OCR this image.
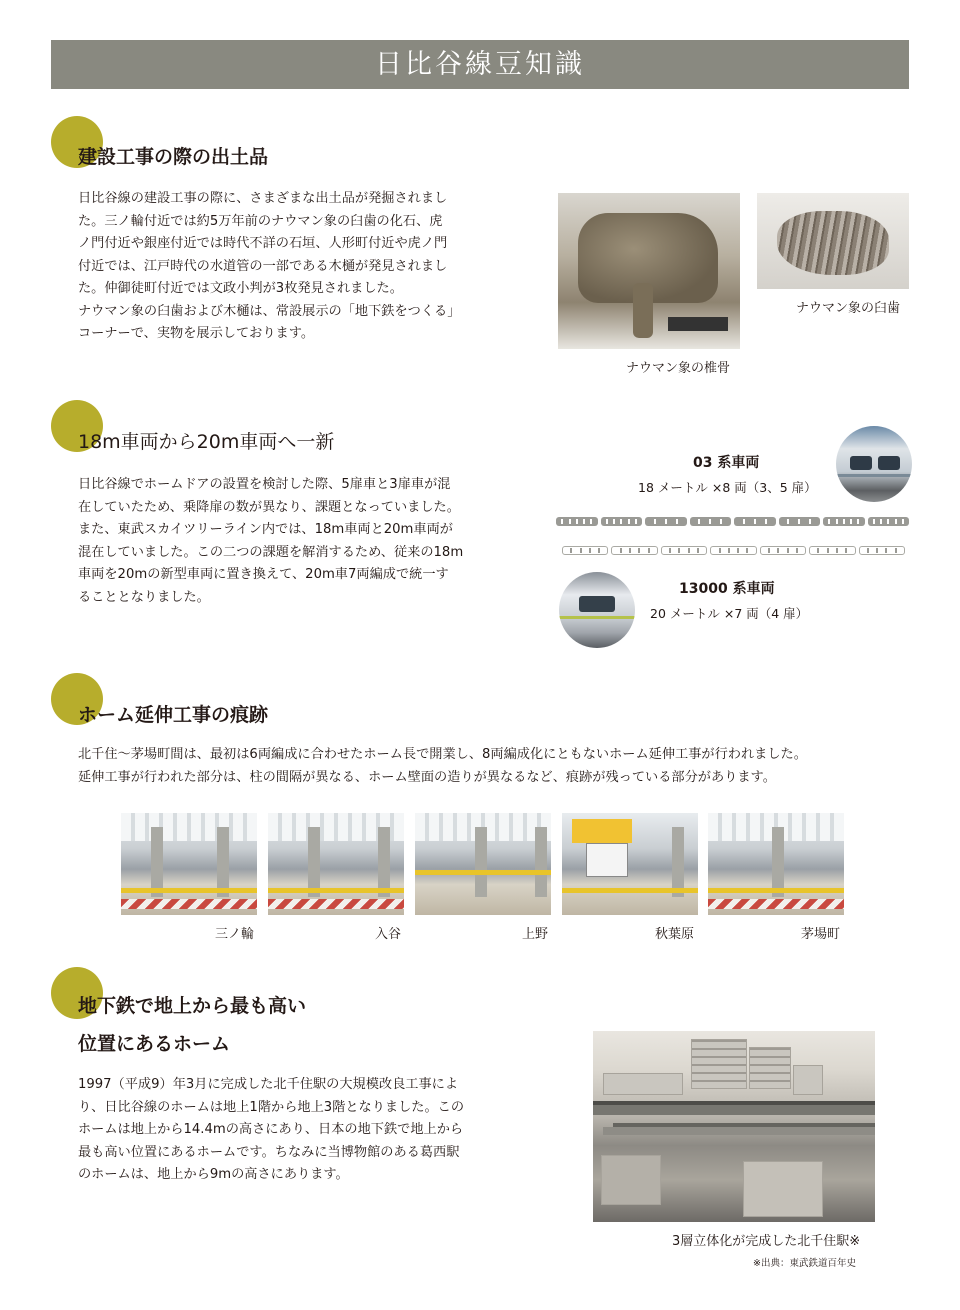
日比谷線豆知識
建設工事の際の出土品
日比谷線の建設工事の際に、さまざまな出土品が発掘されまし
た。三ノ輪付近では約5万年前のナウマン象の臼歯の化石、虎
ノ門付近や銀座付近では時代不詳の石垣、人形町付近や虎ノ門
付近では、江戸時代の水道管の一部である木樋が発見されまし
た。仲御徒町付近では文政小判が3枚発見されました。
ナウマン象の臼歯および木樋は、常設展示の「地下鉄をつくる」
コーナーで、実物を展示しております。
ナウマン象の椎骨
ナウマン象の臼歯
18m車両から20m車両へ一新
日比谷線でホームドアの設置を検討した際、5扉車と3扉車が混
在していたため、乗降扉の数が異なり、課題となっていました。
また、東武スカイツリーライン内では、18m車両と20m車両が
混在していました。この二つの課題を解消するため、従来の18m
車両を20mの新型車両に置き換えて、20m車7両編成で統一す
ることとなりました。
03 系車両
18 メートル ×8 両（3、5 扉）
13000 系車両
20 メートル ×7 両（4 扉）
ホーム延伸工事の痕跡
北千住～茅場町間は、最初は6両編成に合わせたホーム長で開業し、8両編成化にともないホーム延伸工事が行われました。
延伸工事が行われた部分は、柱の間隔が異なる、ホーム壁面の造りが異なるなど、痕跡が残っている部分があります。
三ノ輪	入谷	上野	秋葉原	茅場町
地下鉄で地上から最も高い
位置にあるホーム
1997（平成9）年3月に完成した北千住駅の大規模改良工事によ
り、日比谷線のホームは地上1階から地上3階となりました。この
ホームは地上から14.4mの高さにあり、日本の地下鉄で地上から
最も高い位置にあるホームです。ちなみに当博物館のある葛西駅
のホームは、地上から9mの高さにあります。
3層立体化が完成した北千住駅※
※出典：東武鉄道百年史
